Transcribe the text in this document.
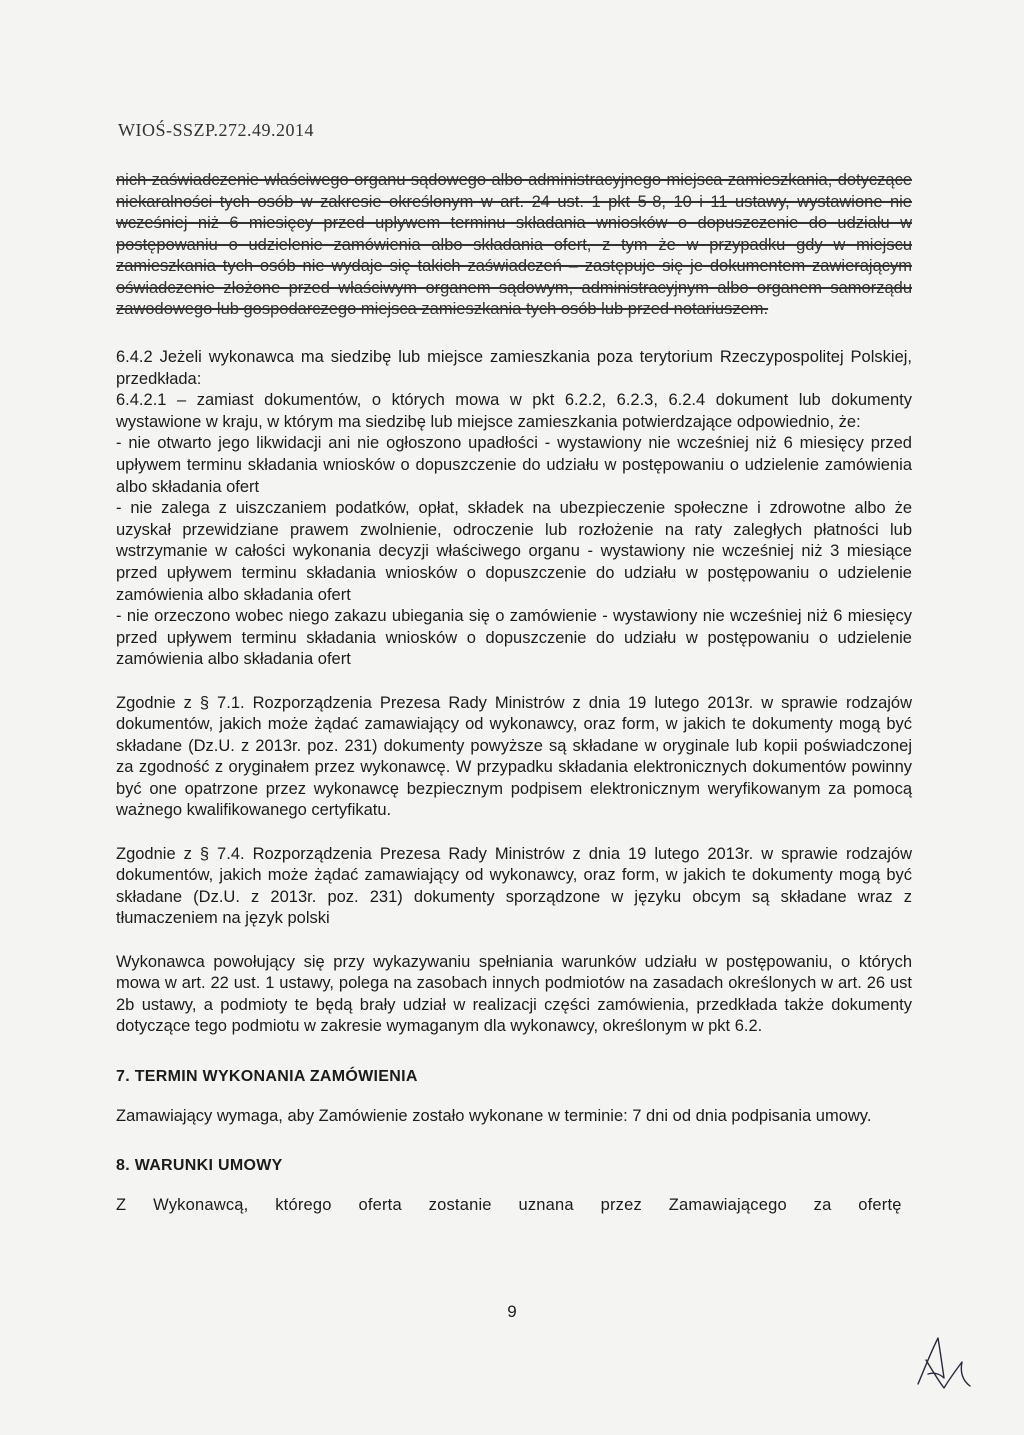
WIOŚ-SSZP.272.49.2014

nich zaświadczenie właściwego organu sądowego albo administracyjnego miejsca zamieszkania, dotyczące niekaralności tych osób w zakresie określonym w art. 24 ust. 1 pkt 5-8, 10 i 11 ustawy, wystawione nie wcześniej niż 6 miesięcy przed upływem terminu składania wniosków o dopuszczenie do udziału w postępowaniu o udzielenie zamówienia albo składania ofert, z tym że w przypadku gdy w miejscu zamieszkania tych osób nie wydaje się takich zaświadczeń – zastępuje się je dokumentem zawierającym oświadczenie złożone przed właściwym organem sądowym, administracyjnym albo organem samorządu zawodowego lub gospodarczego miejsca zamieszkania tych osób lub przed notariuszem.

6.4.2 Jeżeli wykonawca ma siedzibę lub miejsce zamieszkania poza terytorium Rzeczypospolitej Polskiej, przedkłada:

6.4.2.1 – zamiast dokumentów, o których mowa w pkt 6.2.2, 6.2.3, 6.2.4 dokument lub dokumenty wystawione w kraju, w którym ma siedzibę lub miejsce zamieszkania potwierdzające odpowiednio, że:

- nie otwarto jego likwidacji ani nie ogłoszono upadłości - wystawiony nie wcześniej niż 6 miesięcy przed upływem terminu składania wniosków o dopuszczenie do udziału w postępowaniu o udzielenie zamówienia albo składania ofert

- nie zalega z uiszczaniem podatków, opłat, składek na ubezpieczenie społeczne i zdrowotne albo że uzyskał przewidziane prawem zwolnienie, odroczenie lub rozłożenie na raty zaległych płatności lub wstrzymanie w całości wykonania decyzji właściwego organu - wystawiony nie wcześniej niż 3 miesiące przed upływem terminu składania wniosków o dopuszczenie do udziału w postępowaniu o udzielenie zamówienia albo składania ofert

- nie orzeczono wobec niego zakazu ubiegania się o zamówienie - wystawiony nie wcześniej niż 6 miesięcy przed upływem terminu składania wniosków o dopuszczenie do udziału w postępowaniu o udzielenie zamówienia albo składania ofert

Zgodnie z § 7.1. Rozporządzenia Prezesa Rady Ministrów z dnia 19 lutego 2013r. w sprawie rodzajów dokumentów, jakich może żądać zamawiający od wykonawcy, oraz form, w jakich te dokumenty mogą być składane (Dz.U. z 2013r. poz. 231) dokumenty powyższe są składane w oryginale lub kopii poświadczonej za zgodność z oryginałem przez wykonawcę. W przypadku składania elektronicznych dokumentów powinny być one opatrzone przez wykonawcę bezpiecznym podpisem elektronicznym weryfikowanym za pomocą ważnego kwalifikowanego certyfikatu.

Zgodnie z § 7.4. Rozporządzenia Prezesa Rady Ministrów z dnia 19 lutego 2013r. w sprawie rodzajów dokumentów, jakich może żądać zamawiający od wykonawcy, oraz form, w jakich te dokumenty mogą być składane (Dz.U. z 2013r. poz. 231) dokumenty sporządzone w języku obcym są składane wraz z tłumaczeniem na język polski

Wykonawca powołujący się przy wykazywaniu spełniania warunków udziału w postępowaniu, o których mowa w art. 22 ust. 1 ustawy, polega na zasobach innych podmiotów na zasadach określonych w art. 26 ust 2b ustawy, a podmioty te będą brały udział w realizacji części zamówienia, przedkłada także dokumenty dotyczące tego podmiotu w zakresie wymaganym dla wykonawcy, określonym w pkt 6.2.

7. TERMIN WYKONANIA ZAMÓWIENIA

Zamawiający wymaga, aby Zamówienie zostało wykonane w terminie: 7 dni od dnia podpisania umowy.

8. WARUNKI UMOWY

Z Wykonawcą, którego oferta zostanie uznana przez Zamawiającego za ofertę

9
